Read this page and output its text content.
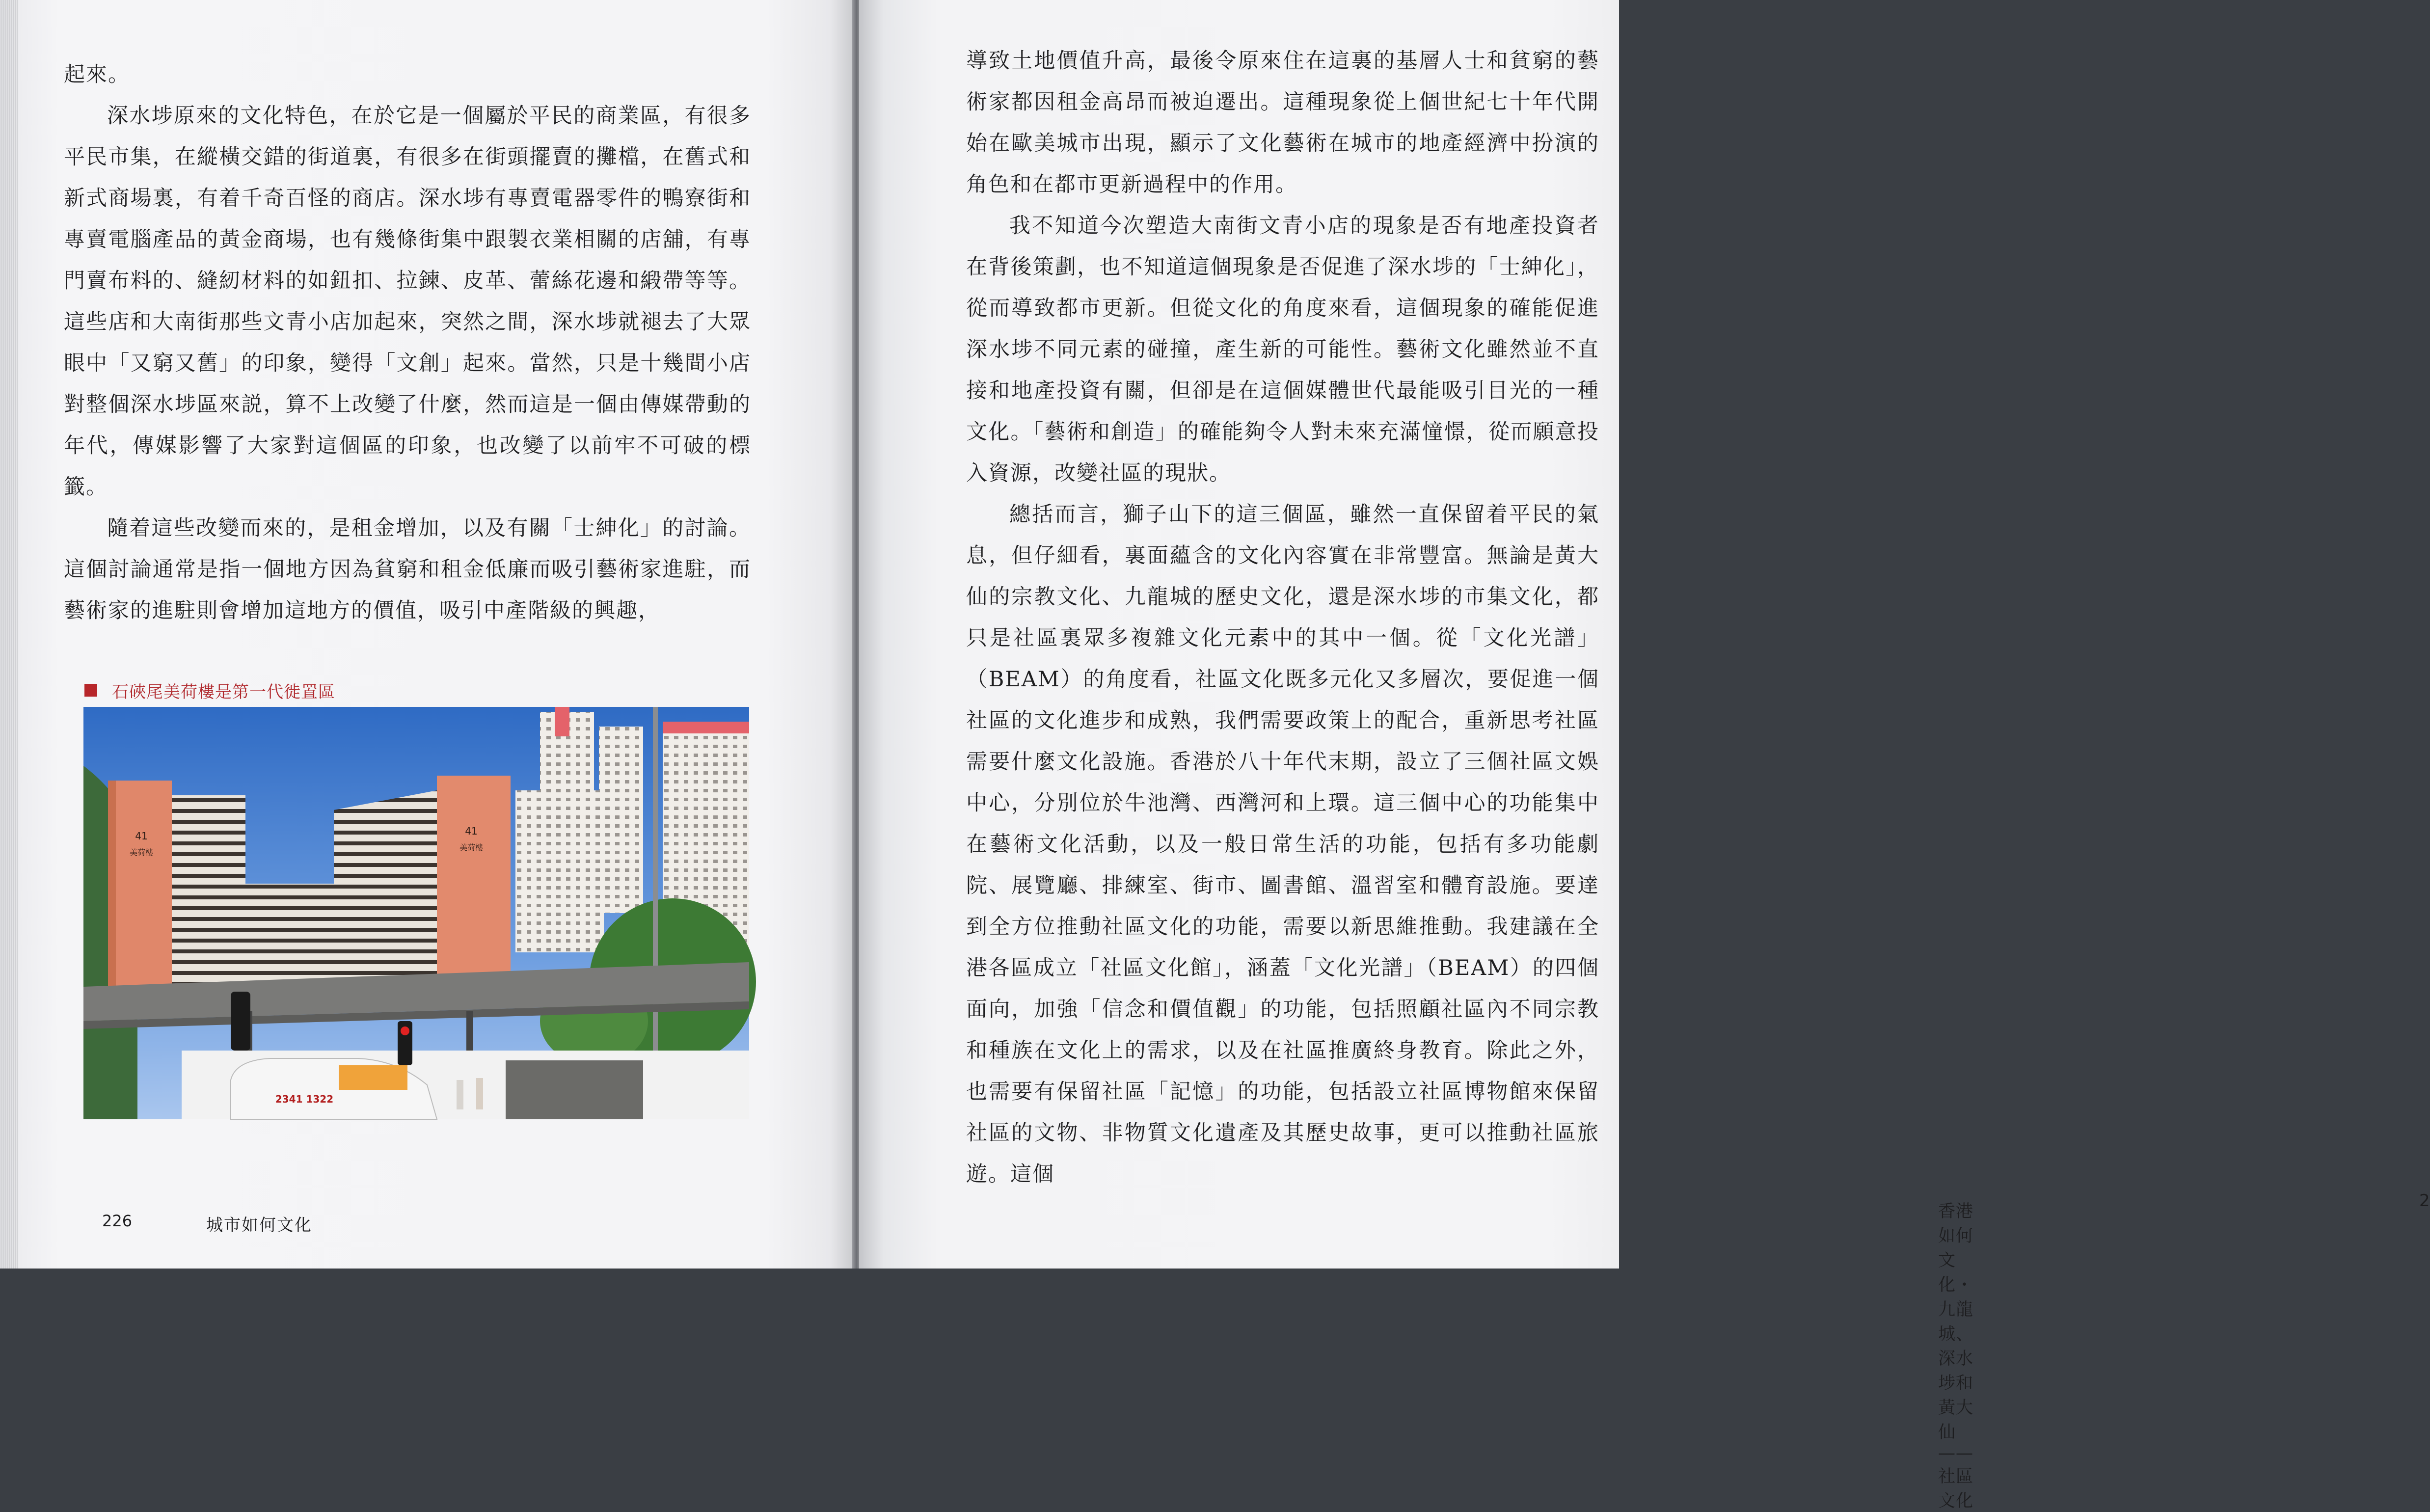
起來。

深水埗原來的文化特色，在於它是一個屬於平民的商業區，有很多平民市集，在縱橫交錯的街道裏，有很多在街頭擺賣的攤檔，在舊式和新式商場裏，有着千奇百怪的商店。深水埗有專賣電器零件的鴨寮街和專賣電腦產品的黃金商場，也有幾條街集中跟製衣業相關的店舖，有專門賣布料的、縫紉材料的如鈕扣、拉鍊、皮革、蕾絲花邊和緞帶等等。這些店和大南街那些文青小店加起來，突然之間，深水埗就褪去了大眾眼中「又窮又舊」的印象，變得「文創」起來。當然，只是十幾間小店對整個深水埗區來説，算不上改變了什麼，然而這是一個由傳媒帶動的年代，傳媒影響了大家對這個區的印象，也改變了以前牢不可破的標籤。

隨着這些改變而來的，是租金增加，以及有關「士紳化」的討論。這個討論通常是指一個地方因為貧窮和租金低廉而吸引藝術家進駐，而藝術家的進駐則會增加這地方的價值，吸引中產階級的興趣，

石硤尾美荷樓是第一代徙置區
41
美荷樓
41
美荷樓
2341 1322
226	城市如何文化
香港如何文化・九龍城、深水埗和黃大仙——社區文化
2

導致土地價值升高，最後令原來住在這裏的基層人士和貧窮的藝術家都因租金高昂而被迫遷出。這種現象從上個世紀七十年代開始在歐美城市出現，顯示了文化藝術在城市的地產經濟中扮演的角色和在都市更新過程中的作用。

我不知道今次塑造大南街文青小店的現象是否有地產投資者在背後策劃，也不知道這個現象是否促進了深水埗的「士紳化」，從而導致都市更新。但從文化的角度來看，這個現象的確能促進深水埗不同元素的碰撞，產生新的可能性。藝術文化雖然並不直接和地產投資有關，但卻是在這個媒體世代最能吸引目光的一種文化。「藝術和創造」的確能夠令人對未來充滿憧憬，從而願意投入資源，改變社區的現狀。

總括而言，獅子山下的這三個區，雖然一直保留着平民的氣息，但仔細看，裏面蘊含的文化內容實在非常豐富。無論是黃大仙的宗教文化、九龍城的歷史文化，還是深水埗的市集文化，都只是社區裏眾多複雜文化元素中的其中一個。從「文化光譜」（BEAM）的角度看，社區文化既多元化又多層次，要促進一個社區的文化進步和成熟，我們需要政策上的配合，重新思考社區需要什麼文化設施。香港於八十年代末期，設立了三個社區文娛中心，分別位於牛池灣、西灣河和上環。這三個中心的功能集中在藝術文化活動，以及一般日常生活的功能，包括有多功能劇院、展覽廳、排練室、街市、圖書館、溫習室和體育設施。要達到全方位推動社區文化的功能，需要以新思維推動。我建議在全港各區成立「社區文化館」，涵蓋「文化光譜」（BEAM）的四個面向，加強「信念和價值觀」的功能，包括照顧社區內不同宗教和種族在文化上的需求，以及在社區推廣終身教育。除此之外，也需要有保留社區「記憶」的功能，包括設立社區博物館來保留社區的文物、非物質文化遺產及其歷史故事，更可以推動社區旅遊。這個
